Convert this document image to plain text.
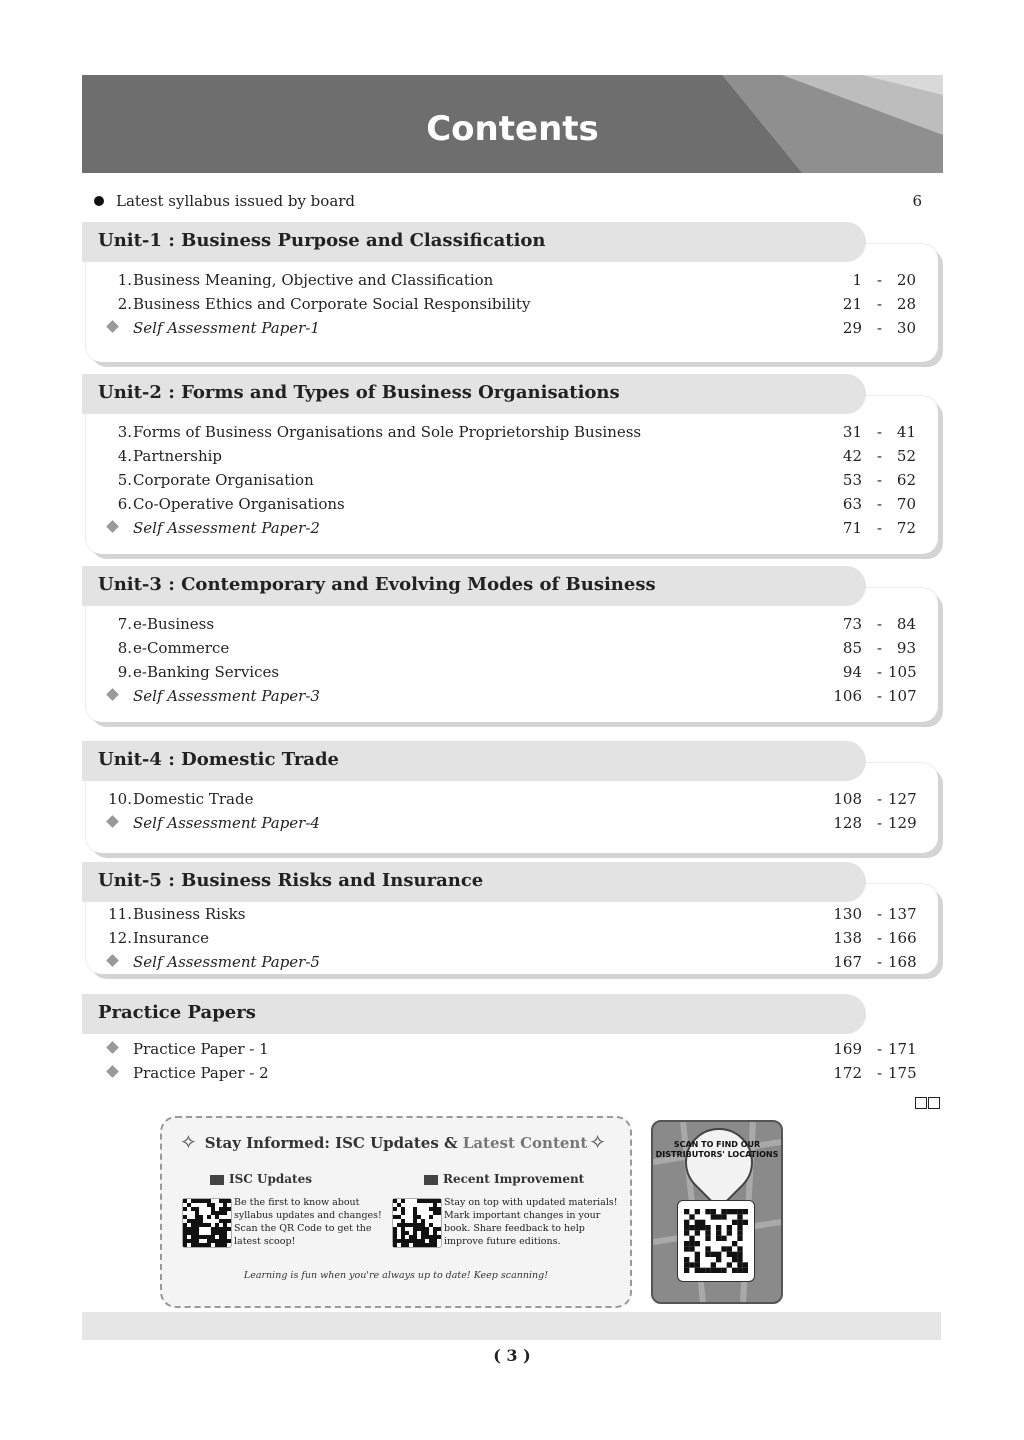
Contents
Latest syllabus issued by board	6
Unit-1 : Business Purpose and Classification
1. Business Meaning, Objective and Classification	1 - 20
2. Business Ethics and Corporate Social Responsibility	21 - 28
Self Assessment Paper-1	29 - 30
Unit-2 : Forms and Types of Business Organisations
3. Forms of Business Organisations and Sole Proprietorship Business	31 - 41
4. Partnership	42 - 52
5. Corporate Organisation	53 - 62
6. Co-Operative Organisations	63 - 70
Self Assessment Paper-2	71 - 72
Unit-3 : Contemporary and Evolving Modes of Business
7. e-Business	73 - 84
8. e-Commerce	85 - 93
9. e-Banking Services	94 - 105
Self Assessment Paper-3	106 - 107
Unit-4 : Domestic Trade
10. Domestic Trade	108 - 127
Self Assessment Paper-4	128 - 129
Unit-5 : Business Risks and Insurance
11. Business Risks	130 - 137
12. Insurance	138 - 166
Self Assessment Paper-5	167 - 168
Practice Papers
Practice Paper - 1	169 - 171
Practice Paper - 2	172 - 175
✧	✧
Stay Informed: ISC Updates & Latest Content
ISC Updates
Be the first to know about syllabus updates and changes! Scan the QR Code to get the latest scoop!
Recent Improvement
Stay on top with updated materials! Mark important changes in your book. Share feedback to help improve future editions.
Learning is fun when you're always up to date! Keep scanning!
SCAN TO FIND OUR DISTRIBUTORS' LOCATIONS
( 3 )
